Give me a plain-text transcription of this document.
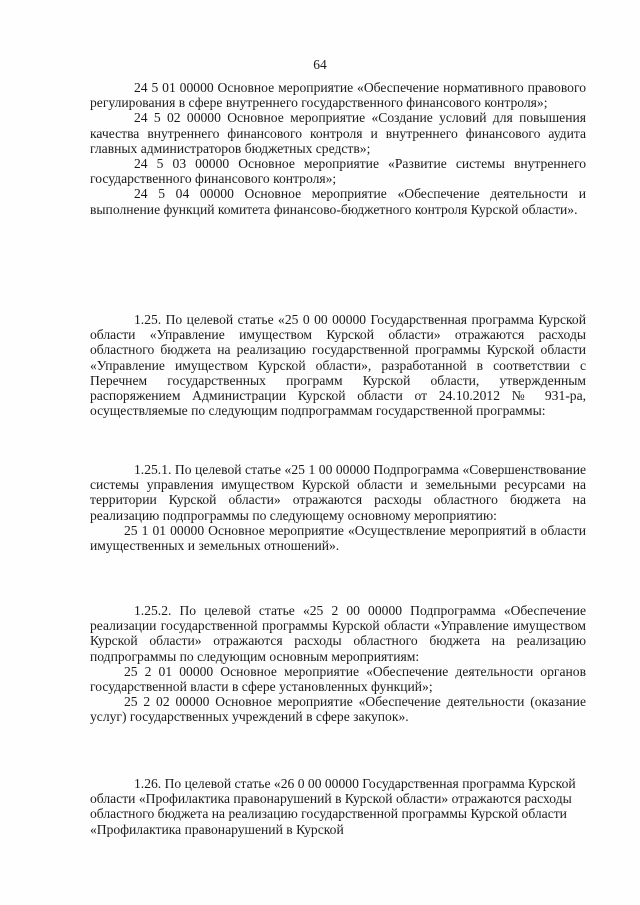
64

24 5 01 00000 Основное мероприятие «Обеспечение нормативного правового регулирования в сфере внутреннего государственного финансового контроля»;

24 5 02 00000 Основное мероприятие «Создание условий для повышения качества внутреннего финансового контроля и внутреннего финансового аудита главных администраторов бюджетных средств»;

24 5 03 00000 Основное мероприятие «Развитие системы внутреннего государственного финансового контроля»;

24 5 04 00000 Основное мероприятие «Обеспечение деятельности и выполнение функций комитета финансово-бюджетного контроля Курской области».

1.25. По целевой статье «25 0 00 00000 Государственная программа Курской области «Управление имуществом Курской области» отражаются расходы областного бюджета на реализацию государственной программы Курской области «Управление имуществом Курской области», разработанной в соответствии с Перечнем государственных программ Курской области, утвержденным распоряжением Администрации Курской области от 24.10.2012 № 931-ра, осуществляемые по следующим подпрограммам государственной программы:

1.25.1. По целевой статье «25 1 00 00000 Подпрограмма «Совершенствование системы управления имуществом Курской области и земельными ресурсами на территории Курской области» отражаются расходы областного бюджета на реализацию подпрограммы по следующему основному мероприятию:

25 1 01 00000 Основное мероприятие «Осуществление мероприятий в области имущественных и земельных отношений».

1.25.2. По целевой статье «25 2 00 00000 Подпрограмма «Обеспечение реализации государственной программы Курской области «Управление имуществом Курской области» отражаются расходы областного бюджета на реализацию подпрограммы по следующим основным мероприятиям:

25 2 01 00000 Основное мероприятие «Обеспечение деятельности органов государственной власти в сфере установленных функций»;

25 2 02 00000 Основное мероприятие «Обеспечение деятельности (оказание услуг) государственных учреждений в сфере закупок».

1.26. По целевой статье «26 0 00 00000 Государственная программа Курской области «Профилактика правонарушений в Курской области» отражаются расходы областного бюджета на реализацию государственной программы Курской области «Профилактика правонарушений в Курской
